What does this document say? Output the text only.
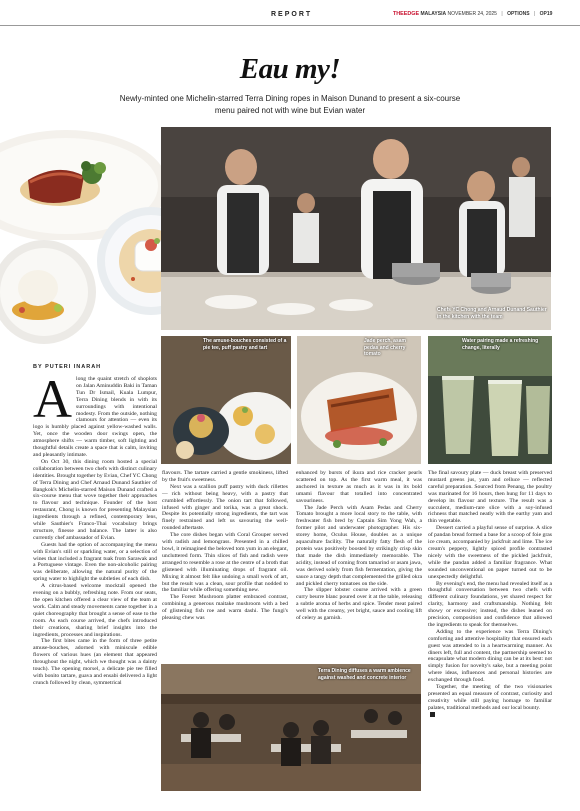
REPORT	THEEDGE MALAYSIA NOVEMBER 24, 2025 | OPTIONS | OP19
Eau my!
Newly-minted one Michelin-starred Terra Dining ropes in Maison Dunand to present a six-course menu paired not with wine but Evian water
Chefs YC Chong and Arnaud Dunand Sauthier in the kitchen with the team
The amuse-bouches consisted of a pie tee, puff pastry and tart
Jade perch, asam pedas and cherry tomato
Water pairing made a refreshing change, literally
Terra Dining diffuses a warm ambience against washed and concrete interior
BY PUTERI INARAH
A long the quaint stretch of shoplots on Jalan Aminuddin Baki in Taman Tun Dr Ismail, Kuala Lumpur, Terra Dining blends in with its surroundings with intentional modesty. From the outside, nothing clamours for attention — even its logo is humbly placed against yellow-washed walls. Yet, once the wooden door swings open, the atmosphere shifts — warm timber, soft lighting and thoughtful details create a space that is calm, inviting and pleasantly intimate.

On Oct 30, this dining room hosted a special collaboration between two chefs with distinct culinary identities. Brought together by Evian, Chef YC Chong of Terra Dining and Chef Arnaud Dunand Sauthier of Bangkok's Michelin-starred Maison Dunand crafted a six-course menu that wove together their approaches to flavour and technique. Founder of the host restaurant, Chong is known for presenting Malaysian ingredients through a refined, contemporary lens, while Sauthier's Franco-Thai vocabulary brings structure, finesse and balance. The latter is also currently chef ambassador of Evian.

Guests had the option of accompanying the menu with Evian's still or sparkling water, or a selection of wines that included a fragrant tuak from Sarawak and a Portuguese vintage. Even the non-alcoholic pairing was deliberate, allowing the natural purity of the spring water to highlight the subtleties of each dish.

A citrus-based welcome mocktail opened the evening on a bubbly, refreshing note. From our seats, the open kitchen offered a clear view of the team at work. Calm and steady movements came together in a quiet choreography that brought a sense of ease to the room. As each course arrived, the chefs introduced their creations, sharing brief insights into the ingredients, processes and inspirations.

The first bites came in the form of three petite amuse-bouches, adorned with miniscule edible flowers of various hues (an element that appeared throughout the night, which we thought was a dainty touch). The opening morsel, a delicate pie tee filled with bonito tartare, guava and ensabi delivered a light crunch followed by clean, symmetrical

flavours. The tartare carried a gentle smokiness, lifted by the fruit's sweetness.

Next was a scallion puff pastry with duck rillettes — rich without being heavy, with a pastry that crumbled effortlessly. The onion tart that followed, infused with ginger and torika, was a great shock. Despite its potentially strong ingredients, the tart was finely restrained and left us savouring the well-rounded aftertaste.

The core dishes began with Coral Grouper served with radish and lemongrass. Presented in a chilled bowl, it reimagined the beloved tom yum in an elegant, uncluttered form. Thin slices of fish and radish were arranged to resemble a rose at the centre of a broth that glistened with illuminating drops of fragrant oil. Mixing it almost felt like undoing a small work of art, but the result was a clean, sour profile that nodded to the familiar while offering something new.

The Forest Mushroom platter embraced contrast, combining a generous maitake mushroom with a bed of glistening fish roe and warm dashi. The fungi's pleasing chew was

enhanced by bursts of ikura and rice cracker pearls scattered on top. As the first warm meal, it was anchored in texture as much as it was in its bold umami flavour that totalled into concentrated savouriness.

The Jade Perch with Asam Pedas and Cherry Tomato brought a more local story to the table, with freshwater fish bred by Captain Sim Yong Wah, a former pilot and underwater photographer. His six-storey home, Oculus House, doubles as a unique aquaculture facility. The naturally fatty flesh of the protein was positively boosted by strikingly crisp skin that made the dish immediately memorable. The acidity, instead of coming from tamarind or asam jawa, was derived solely from fish fermentation, giving the sauce a tangy depth that complemented the grilled okra and pickled cherry tomatoes on the side.

The slipper lobster course arrived with a green curry beurre blanc poured over it at the table, releasing a subtle aroma of herbs and spice. Tender meat paired well with the creamy, yet bright, sauce and cooling lift of celery as garnish.

The final savoury plate — duck breast with preserved mustard greens jus, yam and celluce — reflected careful preparation. Sourced from Penang, the poultry was marinated for 16 hours, then hung for 11 days to develop its flavour and texture. The result was a succulent, medium-rare slice with a soy-infused richness that matched neatly with the earthy yam and thin vegetable.

Dessert carried a playful sense of surprise. A slice of pandan bread formed a base for a scoop of foie gras ice cream, accompanied by jackfruit and lime. The ice cream's peppery, lightly spiced profile contrasted nicely with the sweetness of the pickled jackfruit, while the pandan added a familiar fragrance. What sounded unconventional on paper turned out to be unexpectedly delightful.

By evening's end, the menu had revealed itself as a thoughtful conversation between two chefs with different culinary foundations, yet shared respect for clarity, harmony and craftsmanship. Nothing felt showy or excessive; instead, the dishes leaned on precision, composition and confidence that allowed the ingredients to speak for themselves.

Adding to the experience was Terra Dining's comforting and attentive hospitality that ensured each guest was attended to in a heartwarming manner. As diners left, full and content, the partnership seemed to encapsulate what modern dining can be at its best: not simply fusion for novelty's sake, but a meeting point where ideas, influences and personal histories are exchanged through food.

Together, the meeting of the two visionaries presented an equal measure of contrast, curiosity and creativity while still paying homage to familiar palates, traditional methods and our local bounty.
